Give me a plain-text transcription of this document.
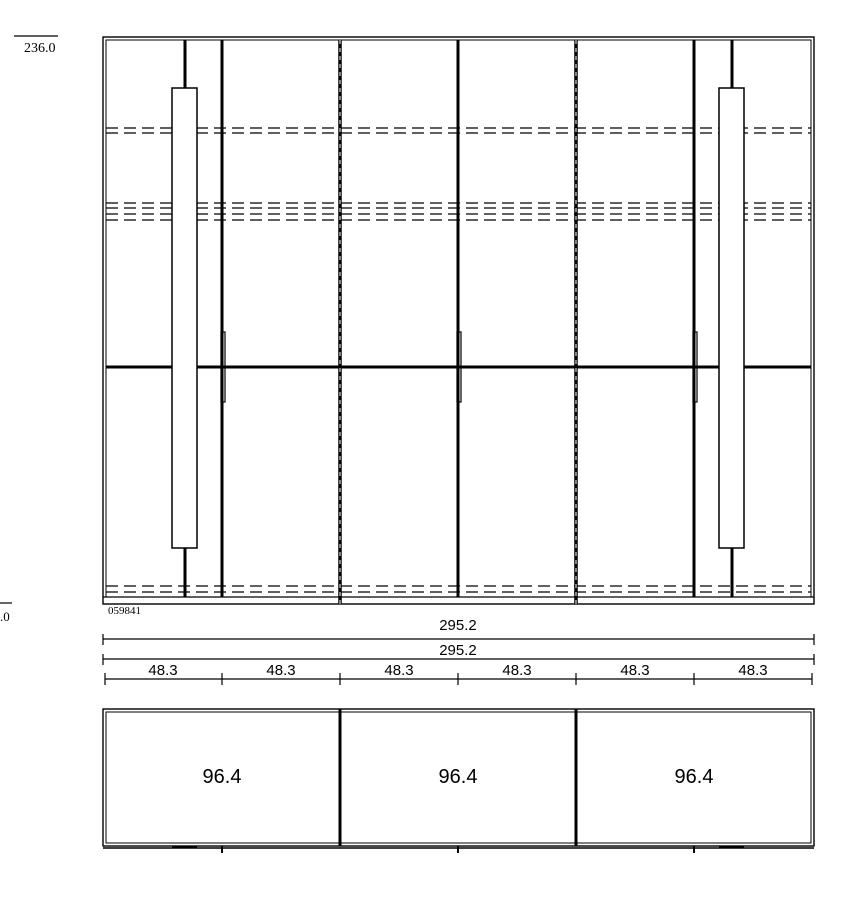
236.0
.0	059841
295.2
295.2
48.3	48.3	48.3	48.3	48.3	48.3
96.4	96.4	96.4
